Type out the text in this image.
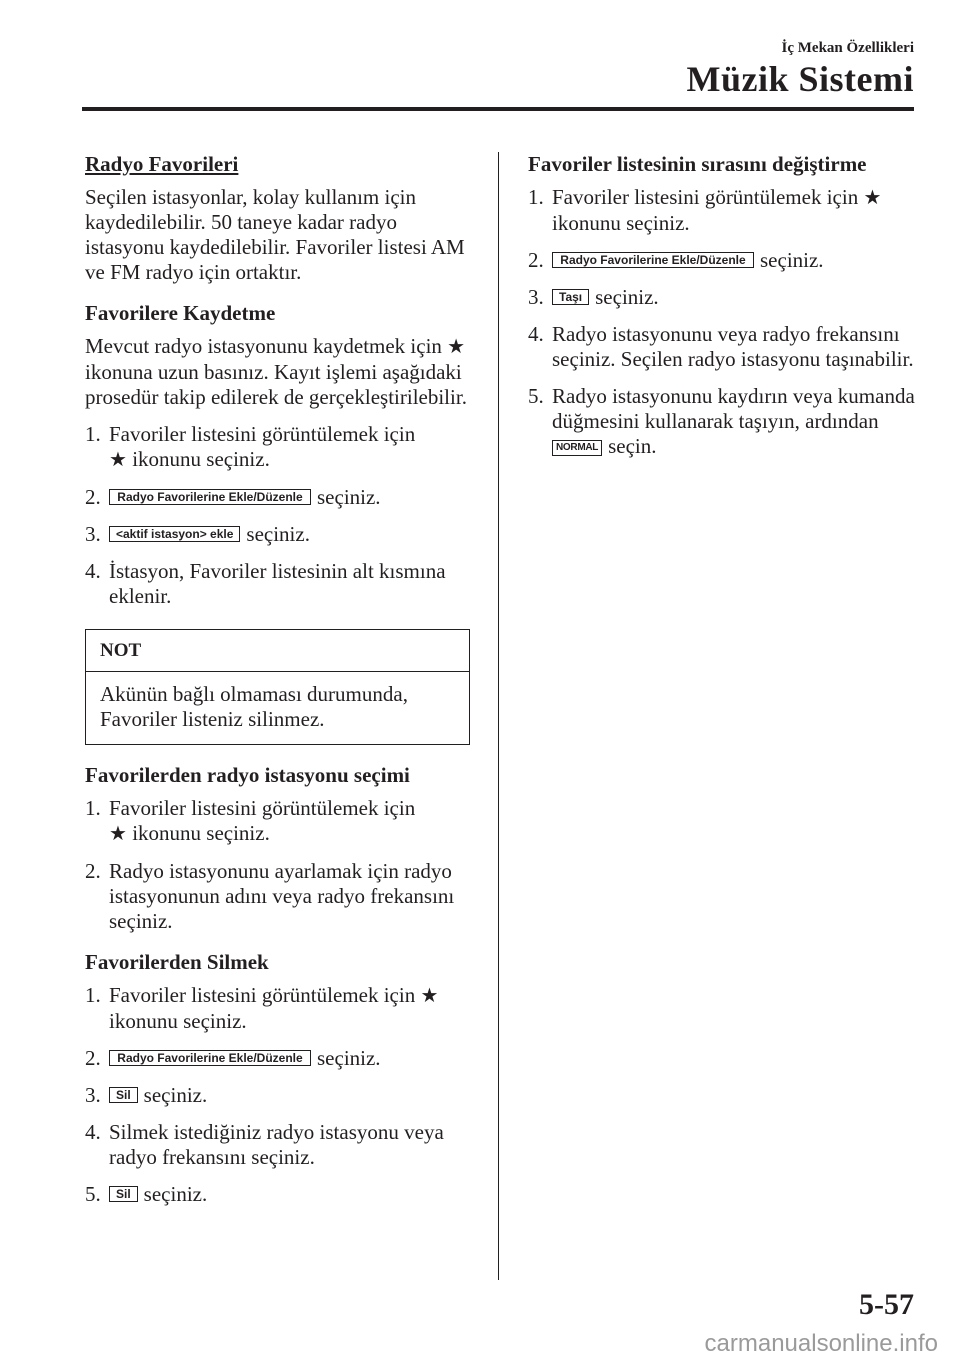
İç Mekan Özellikleri
Müzik Sistemi
Radyo Favorileri

Seçilen istasyonlar, kolay kullanım için kaydedilebilir. 50 taneye kadar radyo istasyonu kaydedilebilir. Favoriler listesi AM ve FM radyo için ortaktır.

Favorilere Kaydetme

Mevcut radyo istasyonunu kaydetmek için ★ ikonuna uzun basınız. Kayıt işlemi aşağıdaki prosedür takip edilerek de gerçekleştirilebilir.

1. Favoriler listesini görüntülemek için
★ ikonunu seçiniz.
2.	Radyo Favorilerine Ekle/Düzenle seçiniz.
3.	<aktif istasyon> ekle seçiniz.
4. İstasyon, Favoriler listesinin alt kısmına eklenir.
NOT
Akünün bağlı olmaması durumunda, Favoriler listeniz silinmez.
Favorilerden radyo istasyonu seçimi
1. Favoriler listesini görüntülemek için
★ ikonunu seçiniz.
2. Radyo istasyonunu ayarlamak için radyo istasyonunun adını veya radyo frekansını seçiniz.
Favorilerden Silmek
1. Favoriler listesini görüntülemek için ★
ikonunu seçiniz.
2.	Radyo Favorilerine Ekle/Düzenle seçiniz.
3.	Sil seçiniz.
4. Silmek istediğiniz radyo istasyonu veya radyo frekansını seçiniz.
5.	Sil seçiniz.
Favoriler listesinin sırasını değiştirme
1. Favoriler listesini görüntülemek için ★
ikonunu seçiniz.
2.	Radyo Favorilerine Ekle/Düzenle seçiniz.
3.	Taşı seçiniz.
4. Radyo istasyonunu veya radyo frekansını seçiniz. Seçilen radyo istasyonu taşınabilir.
5. Radyo istasyonunu kaydırın veya kumanda düğmesini kullanarak taşıyın, ardından NORMAL seçin.
5-57
carmanualsonline.info
